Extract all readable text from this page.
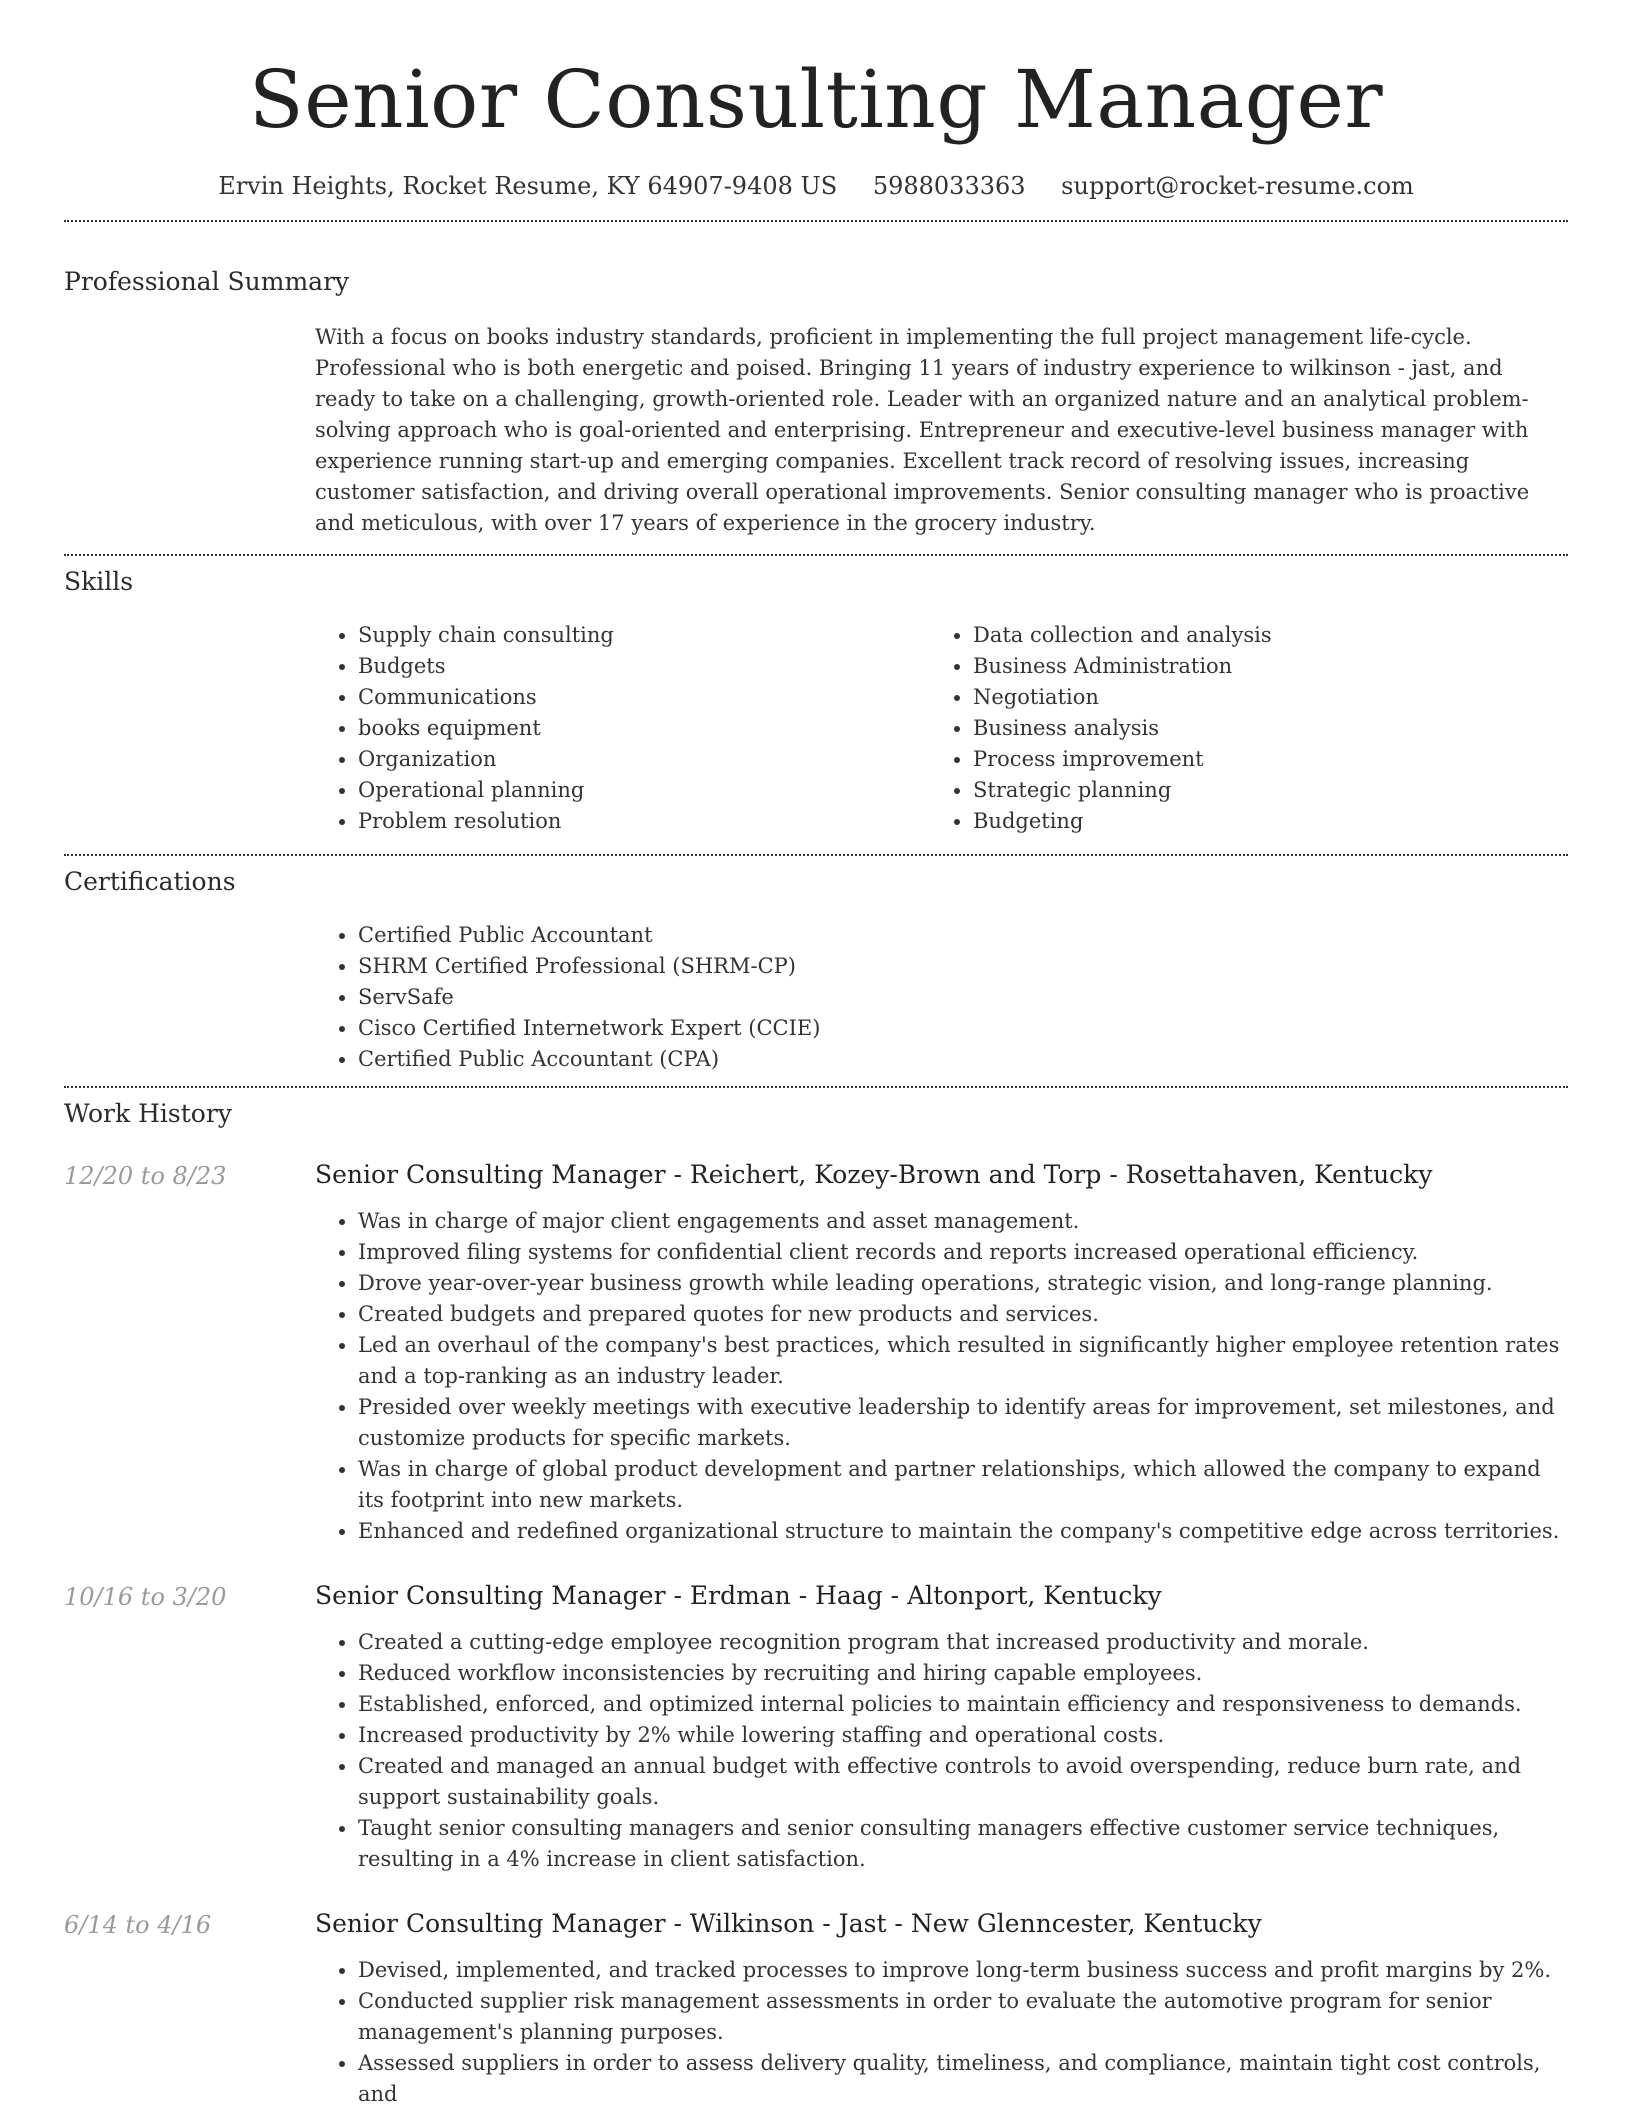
Senior Consulting Manager
Ervin Heights, Rocket Resume, KY 64907-9408 US 5988033363 support@rocket-resume.com
Professional Summary
With a focus on books industry standards, proficient in implementing the full project management life-cycle. Professional who is both energetic and poised. Bringing 11 years of industry experience to wilkinson - jast, and ready to take on a challenging, growth-oriented role. Leader with an organized nature and an analytical problem-solving approach who is goal-oriented and enterprising. Entrepreneur and executive-level business manager with experience running start-up and emerging companies. Excellent track record of resolving issues, increasing customer satisfaction, and driving overall operational improvements. Senior consulting manager who is proactive and meticulous, with over 17 years of experience in the grocery industry.
Skills
• Supply chain consulting
• Budgets
• Communications
• books equipment
• Organization
• Operational planning
• Problem resolution
• Data collection and analysis
• Business Administration
• Negotiation
• Business analysis
• Process improvement
• Strategic planning
• Budgeting
Certifications
• Certified Public Accountant
• SHRM Certified Professional (SHRM-CP)
• ServSafe
• Cisco Certified Internetwork Expert (CCIE)
• Certified Public Accountant (CPA)
Work History
12/20 to 8/23	Senior Consulting Manager - Reichert, Kozey-Brown and Torp - Rosettahaven, Kentucky
• Was in charge of major client engagements and asset management.
• Improved filing systems for confidential client records and reports increased operational efficiency.
• Drove year-over-year business growth while leading operations, strategic vision, and long-range planning.
• Created budgets and prepared quotes for new products and services.
• Led an overhaul of the company's best practices, which resulted in significantly higher employee retention rates and a top-ranking as an industry leader.
• Presided over weekly meetings with executive leadership to identify areas for improvement, set milestones, and customize products for specific markets.
• Was in charge of global product development and partner relationships, which allowed the company to expand its footprint into new markets.
• Enhanced and redefined organizational structure to maintain the company's competitive edge across territories.
10/16 to 3/20	Senior Consulting Manager - Erdman - Haag - Altonport, Kentucky
• Created a cutting-edge employee recognition program that increased productivity and morale.
• Reduced workflow inconsistencies by recruiting and hiring capable employees.
• Established, enforced, and optimized internal policies to maintain efficiency and responsiveness to demands.
• Increased productivity by 2% while lowering staffing and operational costs.
• Created and managed an annual budget with effective controls to avoid overspending, reduce burn rate, and support sustainability goals.
• Taught senior consulting managers and senior consulting managers effective customer service techniques, resulting in a 4% increase in client satisfaction.
6/14 to 4/16	Senior Consulting Manager - Wilkinson - Jast - New Glenncester, Kentucky
• Devised, implemented, and tracked processes to improve long-term business success and profit margins by 2%.
• Conducted supplier risk management assessments in order to evaluate the automotive program for senior management's planning purposes.
• Assessed suppliers in order to assess delivery quality, timeliness, and compliance, maintain tight cost controls, and
